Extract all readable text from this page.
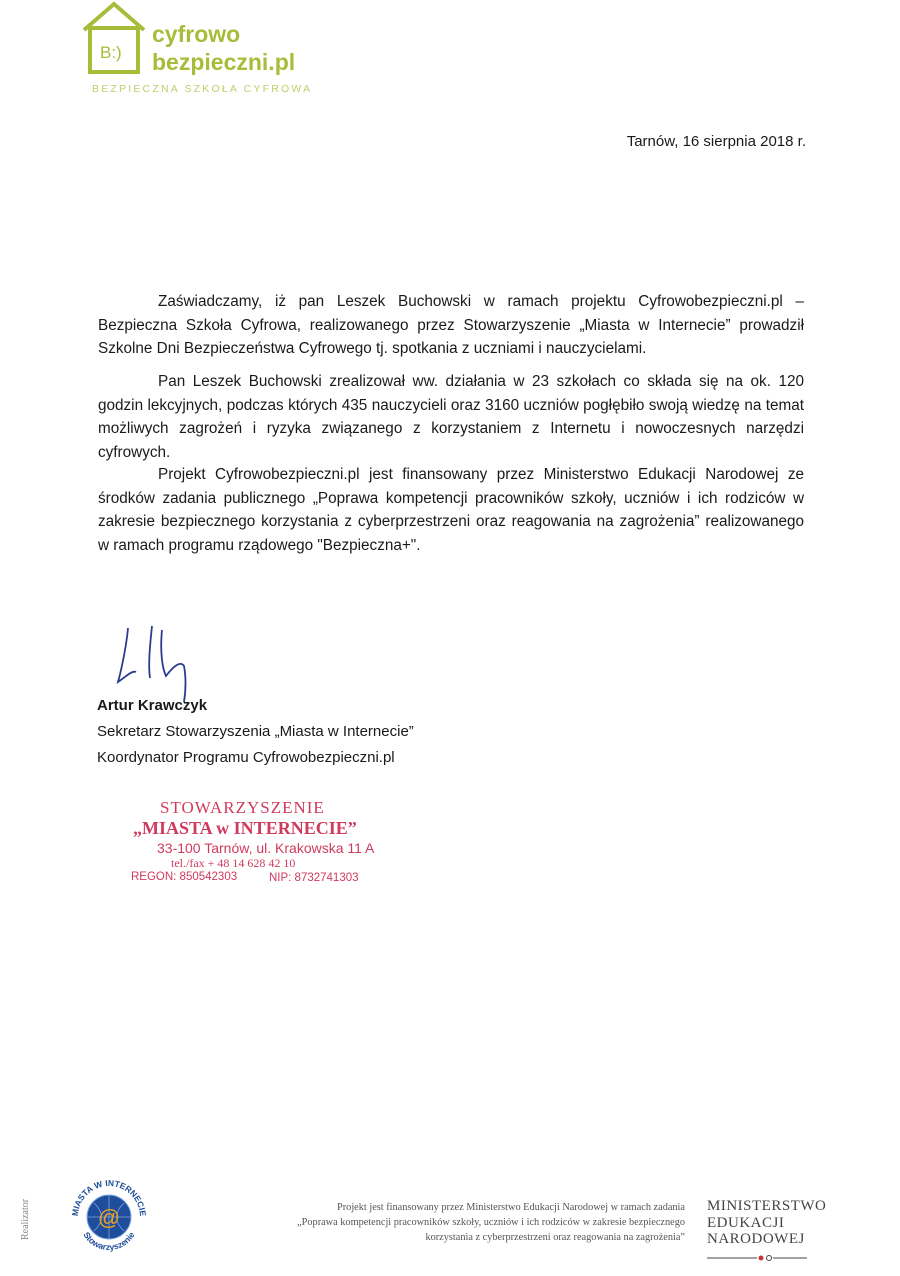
B:)
cyfrowo
bezpieczni.pl
BEZPIECZNA SZKOŁA CYFROWA
Tarnów, 16 sierpnia 2018 r.
Zaświadczamy, iż pan Leszek Buchowski w ramach projektu Cyfrowobezpieczni.pl – Bezpieczna Szkoła Cyfrowa, realizowanego przez Stowarzyszenie „Miasta w Internecie” prowadził Szkolne Dni Bezpieczeństwa Cyfrowego tj. spotkania z uczniami i nauczycielami.
Pan Leszek Buchowski zrealizował ww. działania w 23 szkołach co składa się na ok. 120 godzin lekcyjnych, podczas których 435 nauczycieli oraz 3160 uczniów pogłębiło swoją wiedzę na temat możliwych zagrożeń i ryzyka związanego z korzystaniem z Internetu i nowoczesnych narzędzi cyfrowych.
Projekt Cyfrowobezpieczni.pl jest finansowany przez Ministerstwo Edukacji Narodowej ze środków zadania publicznego „Poprawa kompetencji pracowników szkoły, uczniów i ich rodziców w zakresie bezpiecznego korzystania z cyberprzestrzeni oraz reagowania na zagrożenia” realizowanego w ramach programu rządowego "Bezpieczna+".
Artur Krawczyk
Sekretarz Stowarzyszenia „Miasta w Internecie”
Koordynator Programu Cyfrowobezpieczni.pl
STOWARZYSZENIE
„MIASTA w INTERNECIE”
33-100 Tarnów, ul. Krakowska 11 A
tel./fax + 48 14 628 42 10
REGON: 850542303	NIP: 8732741303
Realizator	@
MIASTA W INTERNECIE
Stowarzyszenie
Projekt jest finansowany przez Ministerstwo Edukacji Narodowej w ramach zadania
„Poprawa kompetencji pracowników szkoły, uczniów i ich rodziców w zakresie bezpiecznego
korzystania z cyberprzestrzeni oraz reagowania na zagrożenia”
MINISTERSTWO
EDUKACJI
NARODOWEJ
